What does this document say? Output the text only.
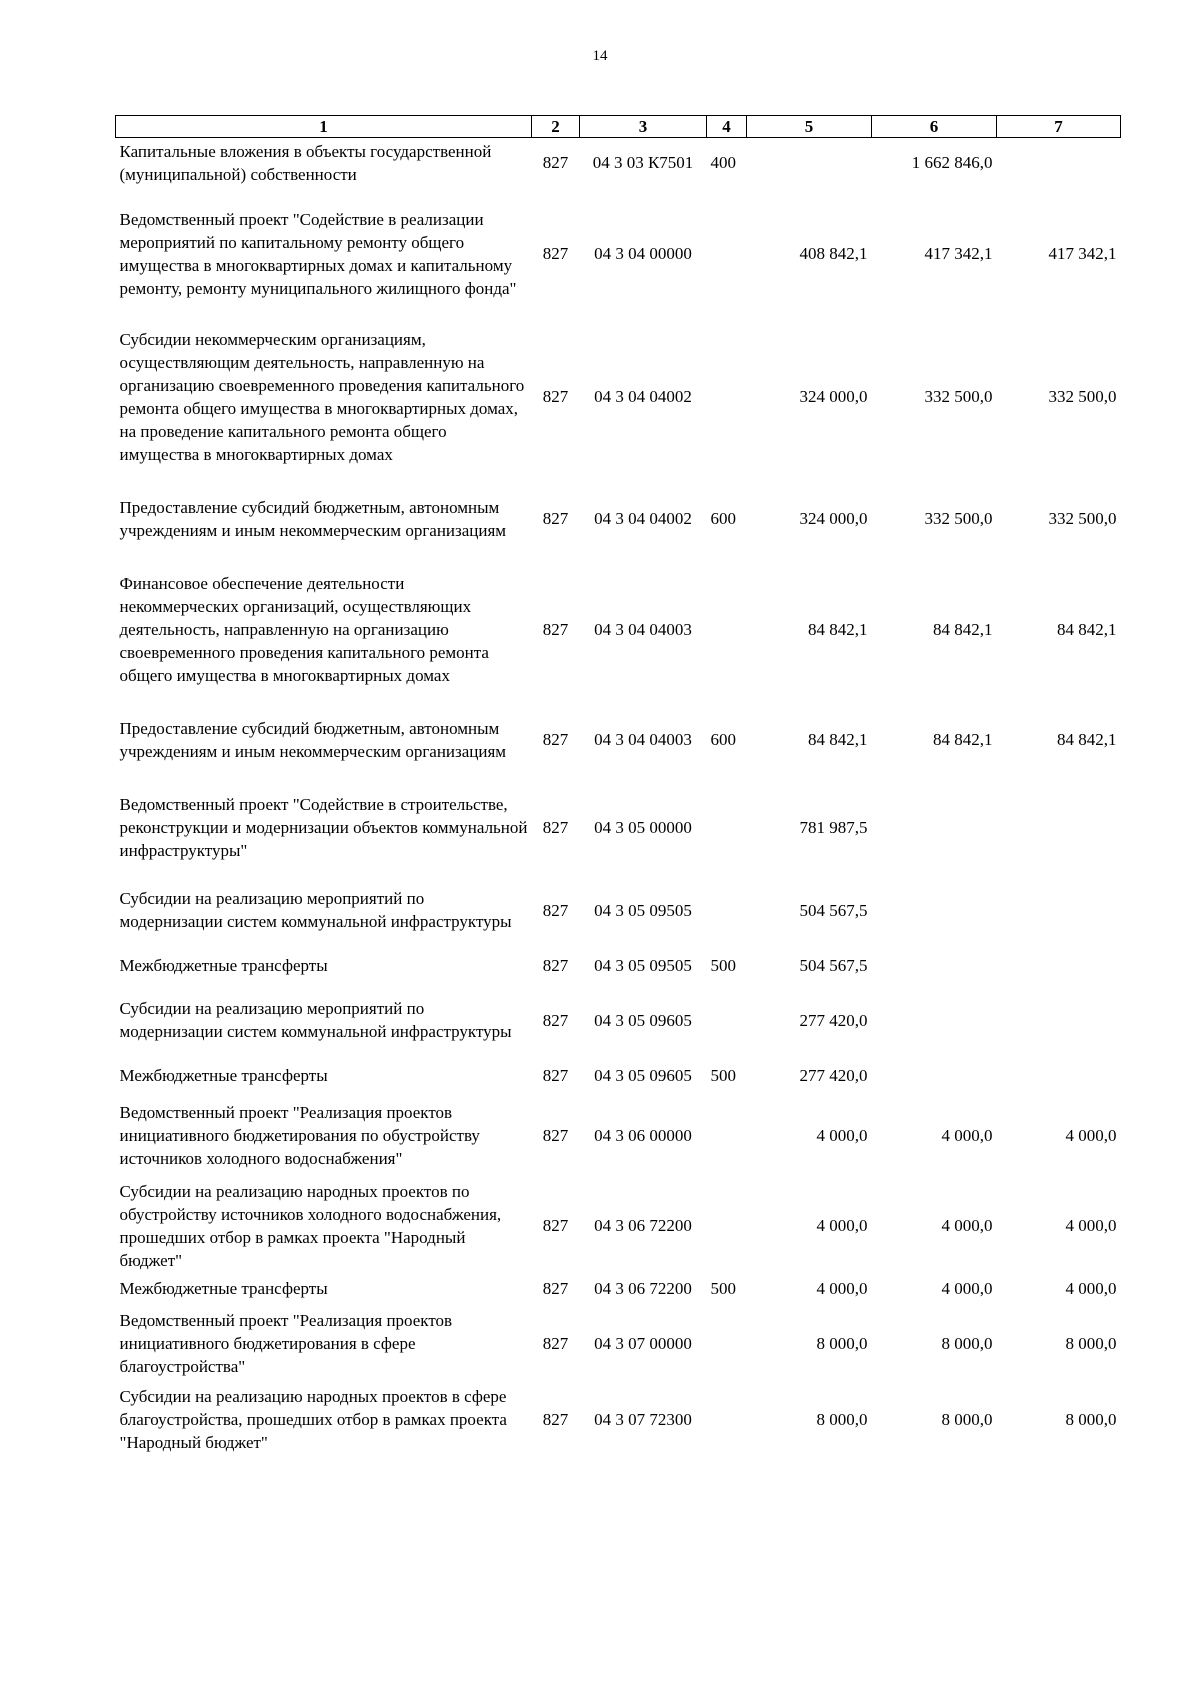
14
1	2	3	4	5	6	7
Капитальные вложения в объекты государственной (муниципальной) собственности	827	04 3 03 К7501	400		1 662 846,0	
Ведомственный проект "Содействие в реализации мероприятий по капитальному ремонту общего имущества в многоквартирных домах и капитальному ремонту, ремонту муниципального жилищного фонда"	827	04 3 04 00000		408 842,1	417 342,1	417 342,1
Субсидии некоммерческим организациям, осуществляющим деятельность, направленную на организацию своевременного проведения капитального ремонта общего имущества в многоквартирных домах, на проведение капитального ремонта общего имущества в многоквартирных домах	827	04 3 04 04002		324 000,0	332 500,0	332 500,0
Предоставление субсидий бюджетным, автономным учреждениям и иным некоммерческим организациям	827	04 3 04 04002	600	324 000,0	332 500,0	332 500,0
Финансовое обеспечение деятельности некоммерческих организаций, осуществляющих деятельность, направленную на организацию своевременного проведения капитального ремонта общего имущества в многоквартирных домах	827	04 3 04 04003		84 842,1	84 842,1	84 842,1
Предоставление субсидий бюджетным, автономным учреждениям и иным некоммерческим организациям	827	04 3 04 04003	600	84 842,1	84 842,1	84 842,1
Ведомственный проект "Содействие в строительстве, реконструкции и модернизации объектов коммунальной инфраструктуры"	827	04 3 05 00000		781 987,5		
Субсидии на реализацию мероприятий по модернизации систем коммунальной инфраструктуры	827	04 3 05 09505		504 567,5		
Межбюджетные трансферты	827	04 3 05 09505	500	504 567,5		
Субсидии на реализацию мероприятий по модернизации систем коммунальной инфраструктуры	827	04 3 05 09605		277 420,0		
Межбюджетные трансферты	827	04 3 05 09605	500	277 420,0		
Ведомственный проект "Реализация проектов инициативного бюджетирования по обустройству источников холодного водоснабжения"	827	04 3 06 00000		4 000,0	4 000,0	4 000,0
Субсидии на реализацию народных проектов по обустройству источников холодного водоснабжения, прошедших отбор в рамках проекта "Народный бюджет"	827	04 3 06 72200		4 000,0	4 000,0	4 000,0
Межбюджетные трансферты	827	04 3 06 72200	500	4 000,0	4 000,0	4 000,0
Ведомственный проект "Реализация проектов инициативного бюджетирования в сфере благоустройства"	827	04 3 07 00000		8 000,0	8 000,0	8 000,0
Субсидии на реализацию народных проектов в сфере благоустройства, прошедших отбор в рамках проекта "Народный бюджет"	827	04 3 07 72300		8 000,0	8 000,0	8 000,0
